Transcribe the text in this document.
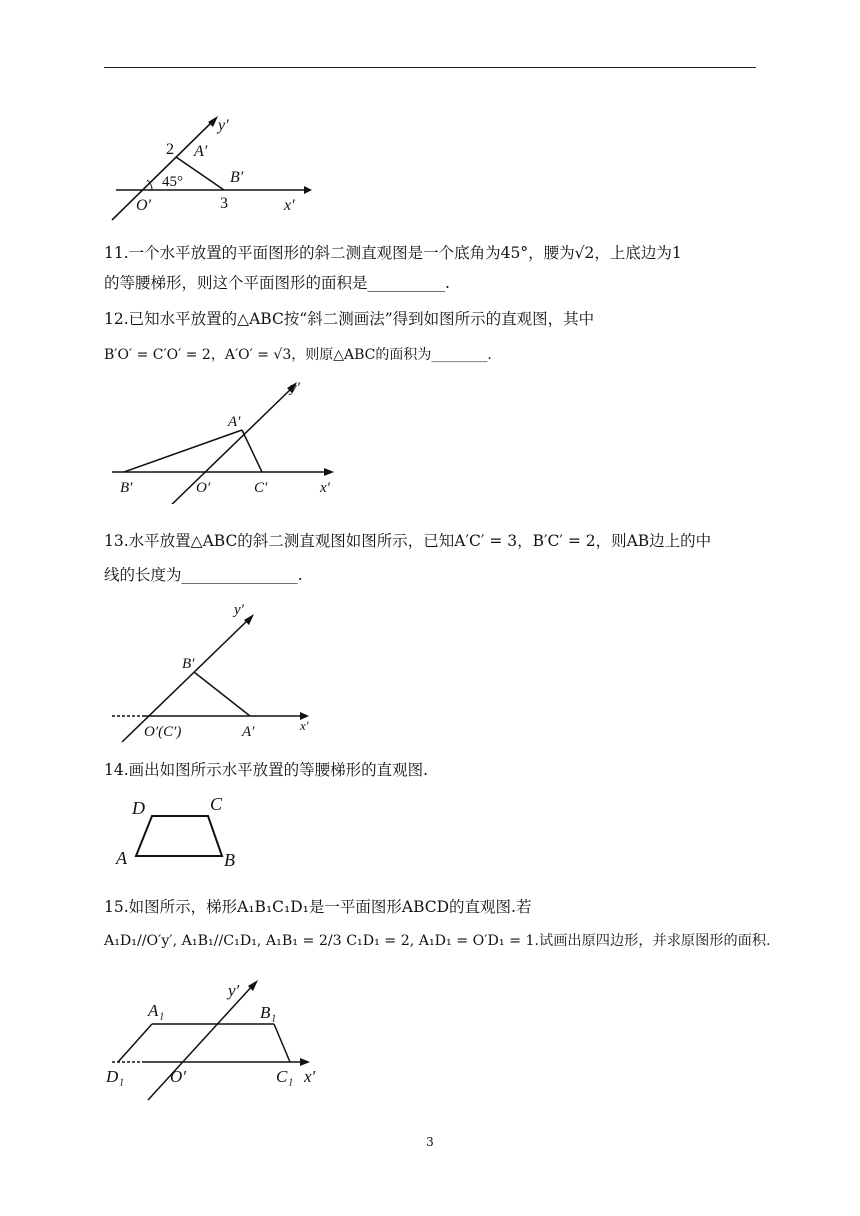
y′
x′
O′
A′
B′
2
3
45°
11.一个水平放置的平面图形的斜二测直观图是一个底角为45°，腰为√2，上底边为1
的等腰梯形，则这个平面图形的面积是__________.
12.已知水平放置的△ABC按“斜二测画法”得到如图所示的直观图，其中
B′O′ = C′O′ = 2，A′O′ = √3，则原△ABC的面积为________.
y′
A′
B′	O′	C′	x′
13.水平放置△ABC的斜二测直观图如图所示，已知A′C′ = 3，B′C′ = 2，则AB边上的中
线的长度为_______________.
y′
B′
A′
O′(C′)	x′
14.画出如图所示水平放置的等腰梯形的直观图.
D	C
A	B
15.如图所示，梯形A₁B₁C₁D₁是一平面图形ABCD的直观图.若
A₁D₁//O′y′, A₁B₁//C₁D₁, A₁B₁ = 2/3 C₁D₁ = 2, A₁D₁ = O′D₁ = 1.试画出原四边形，并求原图形的面积.
y′
A₁	B₁
D₁	O′	C₁ x′
3
